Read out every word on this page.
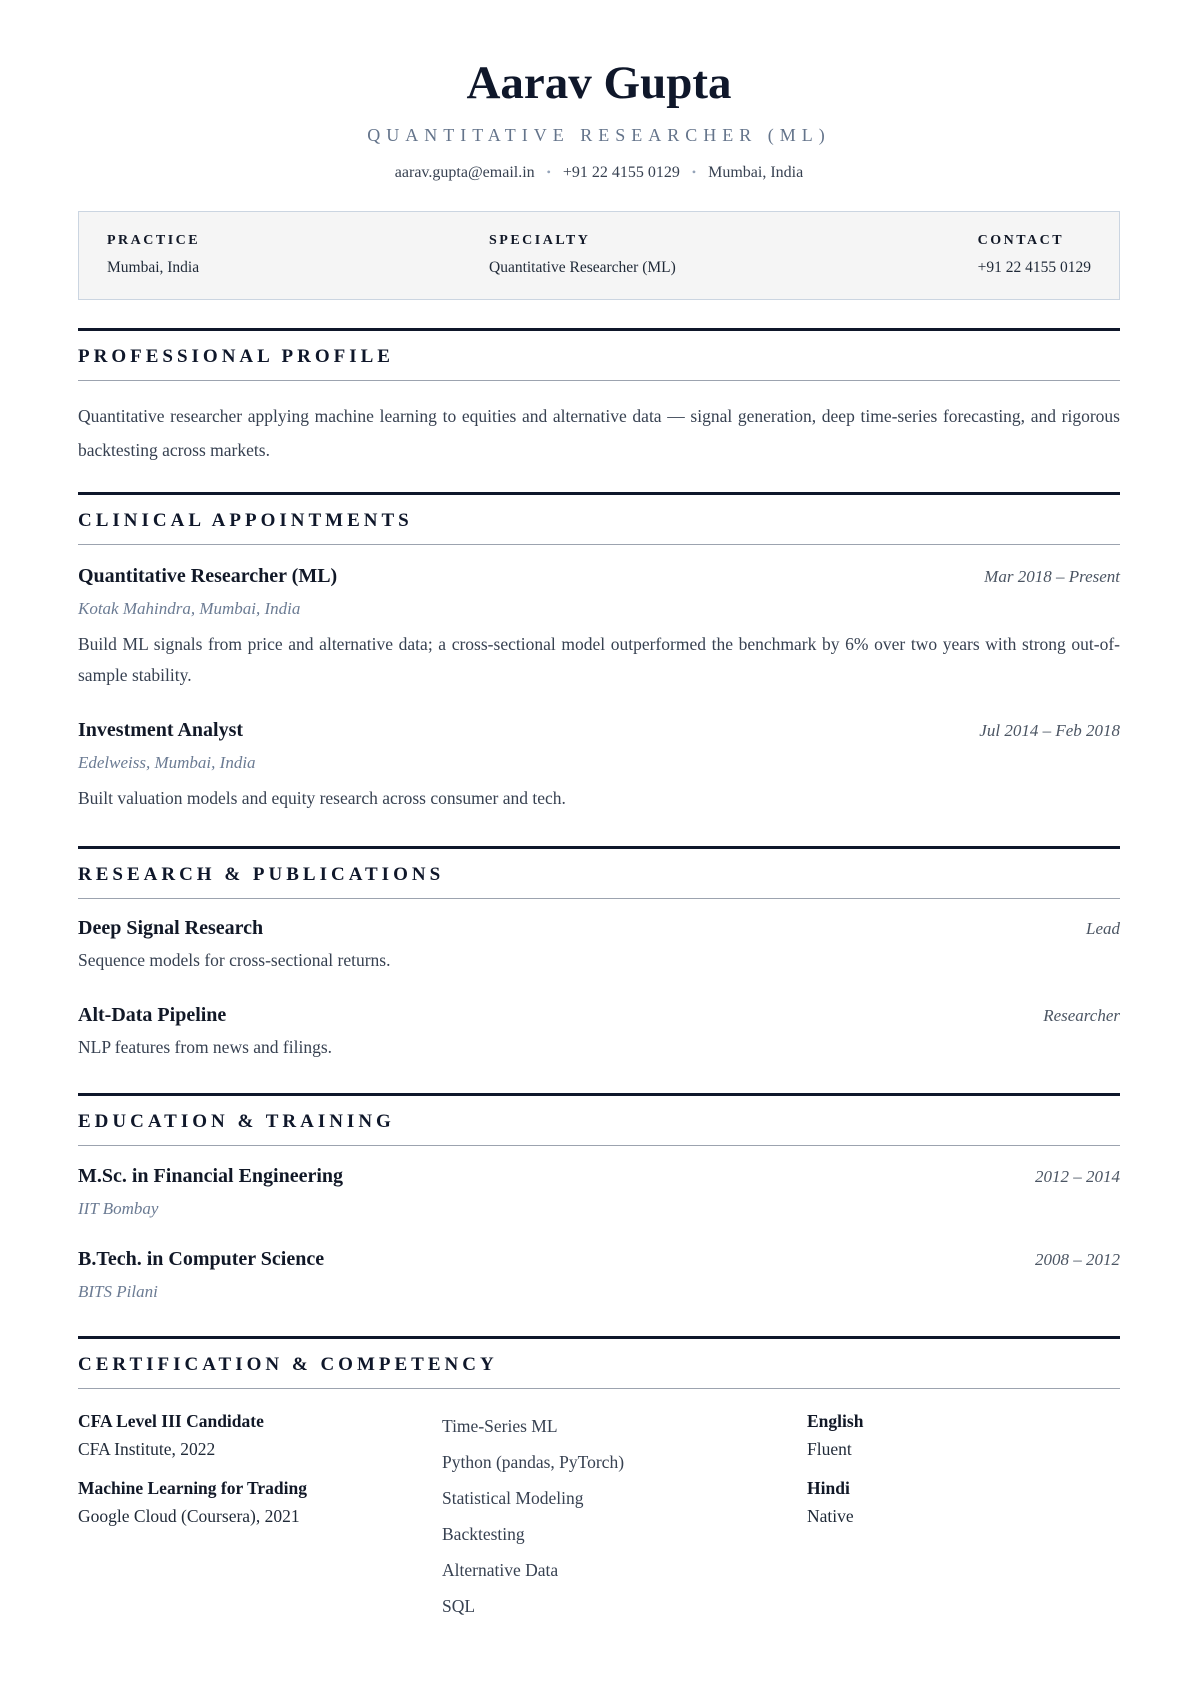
Aarav Gupta
QUANTITATIVE RESEARCHER (ML)
aarav.gupta@email.in • +91 22 4155 0129 • Mumbai, India
PRACTICE
Mumbai, India
SPECIALTY
Quantitative Researcher (ML)
CONTACT
+91 22 4155 0129
PROFESSIONAL PROFILE
Quantitative researcher applying machine learning to equities and alternative data — signal generation, deep time-series forecasting, and rigorous backtesting across markets.
CLINICAL APPOINTMENTS
Quantitative Researcher (ML)	Mar 2018 – Present
Kotak Mahindra, Mumbai, India
Build ML signals from price and alternative data; a cross-sectional model outperformed the benchmark by 6% over two years with strong out-of-sample stability.
Investment Analyst	Jul 2014 – Feb 2018
Edelweiss, Mumbai, India
Built valuation models and equity research across consumer and tech.
RESEARCH & PUBLICATIONS
Deep Signal Research	Lead
Sequence models for cross-sectional returns.
Alt-Data Pipeline	Researcher
NLP features from news and filings.
EDUCATION & TRAINING
M.Sc. in Financial Engineering	2012 – 2014
IIT Bombay
B.Tech. in Computer Science	2008 – 2012
BITS Pilani
CERTIFICATION & COMPETENCY
CFA Level III Candidate
CFA Institute, 2022
Machine Learning for Trading
Google Cloud (Coursera), 2021
Time-Series ML
Python (pandas, PyTorch)
Statistical Modeling
Backtesting
Alternative Data
SQL
English
Fluent
Hindi
Native
